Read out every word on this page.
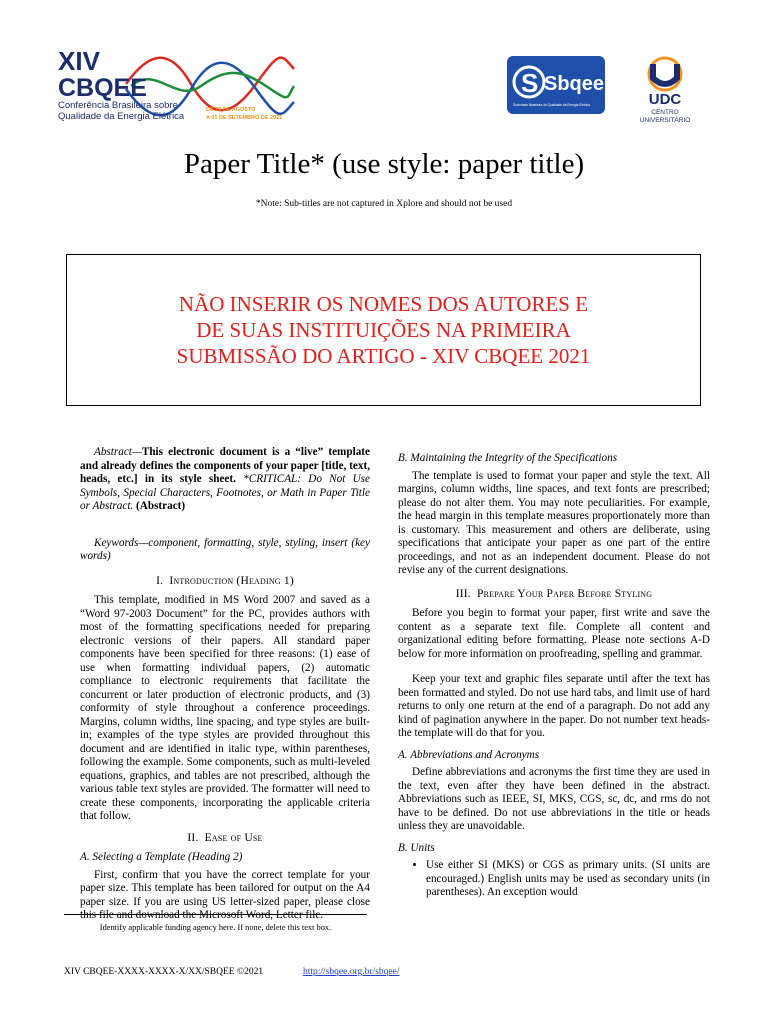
XIV
CBQEE
Conferência Brasileira sobre
Qualidade da Energia Elétrica
DE 29 DE AGOSTO
A 01 DE SETEMBRO DE 2021
S Sbqee
Sociedade Brasileira de Qualidade da Energia Elétrica	UDC
CENTRO
UNIVERSITÁRIO
Paper Title* (use style: paper title)
*Note: Sub-titles are not captured in Xplore and should not be used
NÃO INSERIR OS NOMES DOS AUTORES E
DE SUAS INSTITUIÇÕES NA PRIMEIRA
SUBMISSÃO DO ARTIGO - XIV CBQEE 2021

Abstract—This electronic document is a “live” template and already defines the components of your paper [title, text, heads, etc.] in its style sheet. *CRITICAL: Do Not Use Symbols, Special Characters, Footnotes, or Math in Paper Title or Abstract. (Abstract)

Keywords—component, formatting, style, styling, insert (key words)

I. Introduction (Heading 1)

This template, modified in MS Word 2007 and saved as a “Word 97-2003 Document” for the PC, provides authors with most of the formatting specifications needed for preparing electronic versions of their papers. All standard paper components have been specified for three reasons: (1) ease of use when formatting individual papers, (2) automatic compliance to electronic requirements that facilitate the concurrent or later production of electronic products, and (3) conformity of style throughout a conference proceedings. Margins, column widths, line spacing, and type styles are built-in; examples of the type styles are provided throughout this document and are identified in italic type, within parentheses, following the example. Some components, such as multi-leveled equations, graphics, and tables are not prescribed, although the various table text styles are provided. The formatter will need to create these components, incorporating the applicable criteria that follow.

II. Ease of Use
A. Selecting a Template (Heading 2)

First, confirm that you have the correct template for your paper size. This template has been tailored for output on the A4 paper size. If you are using US letter-sized paper, please close this file and download the Microsoft Word, Letter file.

B. Maintaining the Integrity of the Specifications

The template is used to format your paper and style the text. All margins, column widths, line spaces, and text fonts are prescribed; please do not alter them. You may note peculiarities. For example, the head margin in this template measures proportionately more than is customary. This measurement and others are deliberate, using specifications that anticipate your paper as one part of the entire proceedings, and not as an independent document. Please do not revise any of the current designations.

III. Prepare Your Paper Before Styling

Before you begin to format your paper, first write and save the content as a separate text file. Complete all content and organizational editing before formatting. Please note sections A-D below for more information on proofreading, spelling and grammar.

Keep your text and graphic files separate until after the text has been formatted and styled. Do not use hard tabs, and limit use of hard returns to only one return at the end of a paragraph. Do not add any kind of pagination anywhere in the paper. Do not number text heads-the template will do that for you.

A. Abbreviations and Acronyms

Define abbreviations and acronyms the first time they are used in the text, even after they have been defined in the abstract. Abbreviations such as IEEE, SI, MKS, CGS, sc, dc, and rms do not have to be defined. Do not use abbreviations in the title or heads unless they are unavoidable.

B. Units
• Use either SI (MKS) or CGS as primary units. (SI units are encouraged.) English units may be used as secondary units (in parentheses). An exception would
Identify applicable funding agency here. If none, delete this text box.
XIV CBQEE-XXXX-XXXX-X/XX/SBQEE ©2021	http://sbqee.org.br/sbqee/
